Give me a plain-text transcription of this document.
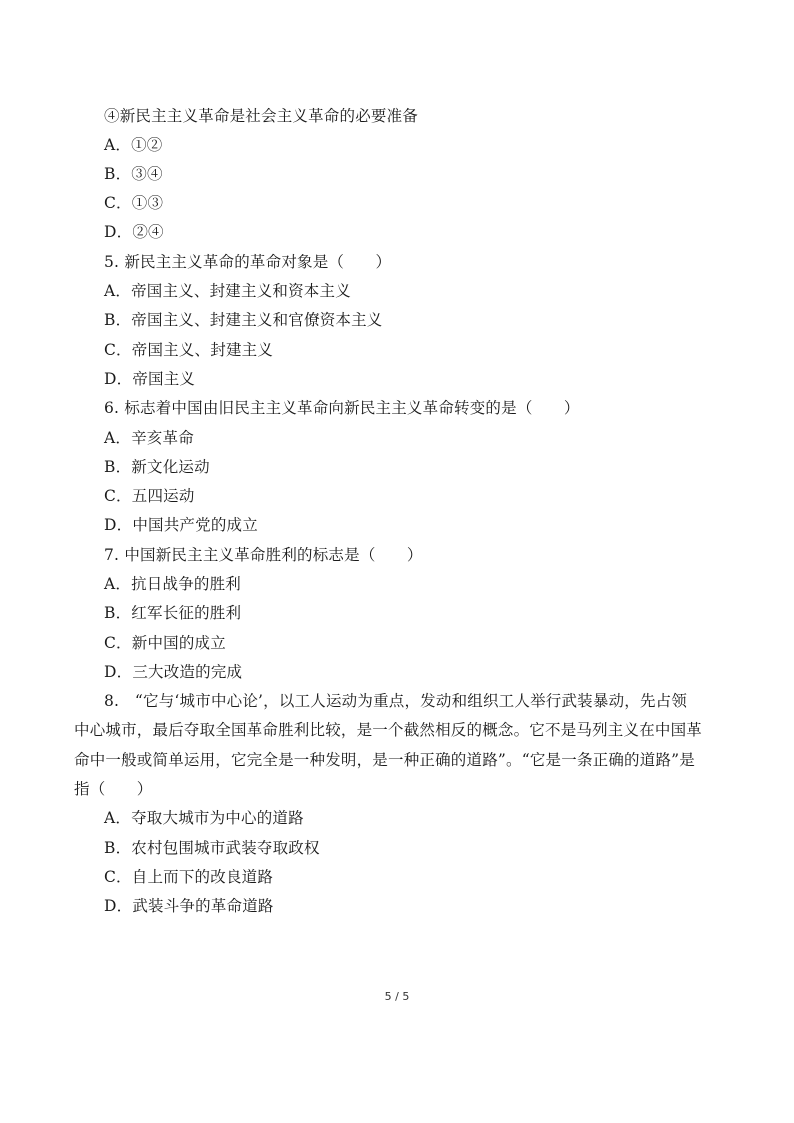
④新民主主义革命是社会主义革命的必要准备
A．①②
B．③④
C．①③
D．②④
5. 新民主主义革命的革命对象是（　　）
A．帝国主义、封建主义和资本主义
B．帝国主义、封建主义和官僚资本主义
C．帝国主义、封建主义
D．帝国主义
6. 标志着中国由旧民主主义革命向新民主主义革命转变的是（　　）
A．辛亥革命
B．新文化运动
C．五四运动
D．中国共产党的成立
7. 中国新民主主义革命胜利的标志是（　　）
A．抗日战争的胜利
B．红军长征的胜利
C．新中国的成立
D．三大改造的完成
8.　“它与‘城市中心论’，以工人运动为重点，发动和组织工人举行武装暴动，先占领
中心城市，最后夺取全国革命胜利比较，是一个截然相反的概念。它不是马列主义在中国革
命中一般或简单运用，它完全是一种发明，是一种正确的道路”。“它是一条正确的道路”是
指（　　）
A．夺取大城市为中心的道路
B．农村包围城市武装夺取政权
C．自上而下的改良道路
D．武装斗争的革命道路
5 / 5
